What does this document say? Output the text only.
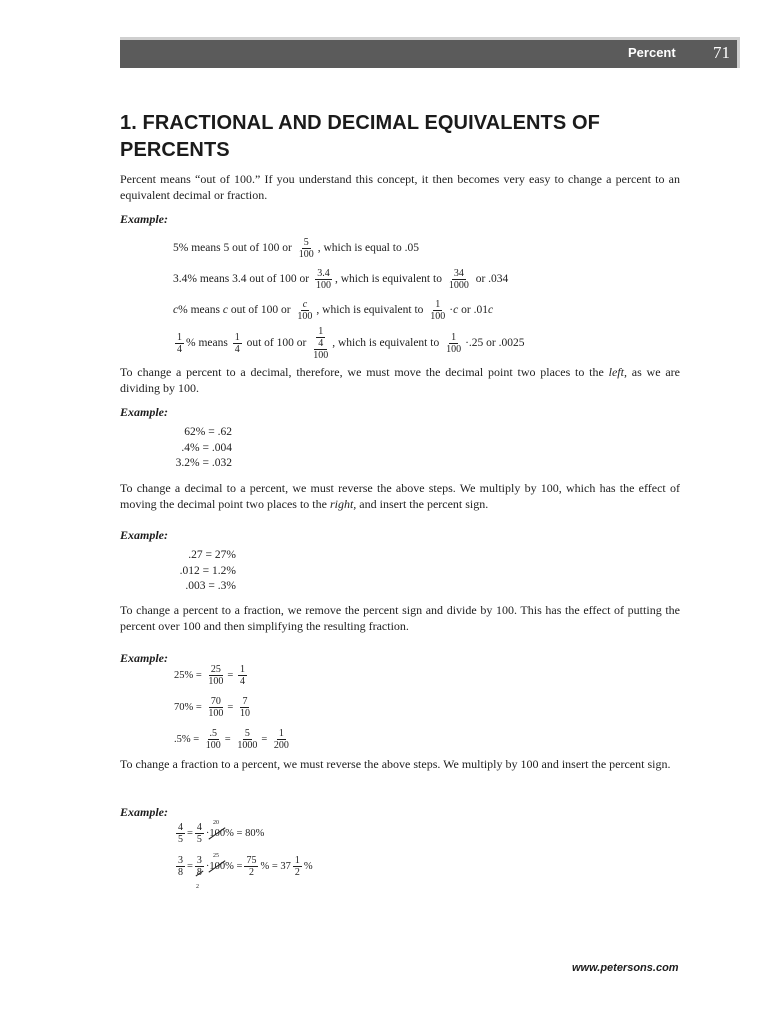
Percent 71
1. FRACTIONAL AND DECIMAL EQUIVALENTS OF PERCENTS

Percent means “out of 100.” If you understand this concept, it then becomes very easy to change a percent to an equivalent decimal or fraction.

Example:
5% means 5 out of 100 or $\frac{5}{100}$ , which is equal to .05
3.4% means 3.4 out of 100 or $\frac{3.4}{100}$ , which is equivalent to $\frac{34}{1000}$ or .034
c% means c out of 100 or $\frac{c}{100}$ , which is equivalent to $\frac{1}{100} \cdot c$ or .01c
$\frac{1}{4}$ % means $\frac{1}{4}$ out of 100 or $\frac{\frac{1}{4}}{100}$ , which is equivalent to $\frac{1}{100} \cdot.25$ or .0025

To change a percent to a decimal, therefore, we must move the decimal point two places to the left, as we are dividing by 100.

Example:
62% = .62
.4% = .004
3.2% = .032

To change a decimal to a percent, we must reverse the above steps. We multiply by 100, which has the effect of moving the decimal point two places to the right, and insert the percent sign.

Example:
.27 = 27%
.012 = 1.2%
.003 = .3%

To change a percent to a fraction, we remove the percent sign and divide by 100. This has the effect of putting the percent over 100 and then simplifying the resulting fraction.

Example:
$25\% = \frac{25}{100} = \frac{1}{4}$
$70\% = \frac{70}{100} = \frac{7}{10}$
$.5\% = \frac{.5}{100} = \frac{5}{1000} = \frac{1}{200}$

To change a fraction to a percent, we must reverse the above steps. We multiply by 100 and insert the percent sign.

Example:
20
$\frac{4}{5} = \frac{4}{5} \cdot 100\% = 80\%$
25
2
$\frac{3}{8} = \frac{3}{8} \cdot 100\% = \frac{75}{2}$ % = $37 \frac{1}{2}$ %
www.petersons.com
